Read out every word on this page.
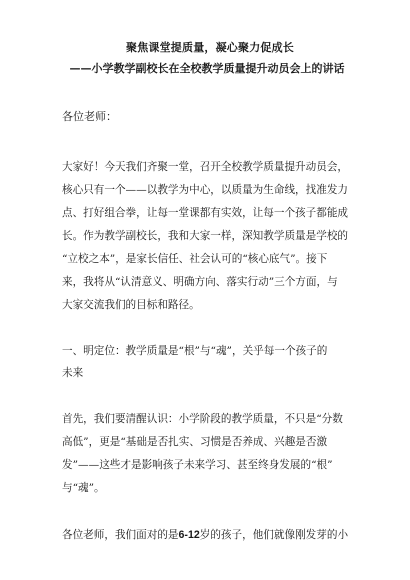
聚焦课堂提质量，凝心聚力促成长
——小学教学副校长在全校教学质量提升动员会上的讲话
各位老师：
大家好！今天我们齐聚一堂，召开全校教学质量提升动员会，
核心只有一个——以教学为中心，以质量为生命线，找准发力
点、打好组合拳，让每一堂课都有实效，让每一个孩子都能成
长。作为教学副校长，我和大家一样，深知教学质量是学校的
“立校之本”，是家长信任、社会认可的“核心底气”。接下
来，我将从“认清意义、明确方向、落实行动”三个方面，与
大家交流我们的目标和路径。
一、明定位：教学质量是“根”与“魂”，关乎每一个孩子的
未来
首先，我们要清醒认识：小学阶段的教学质量，不只是“分数
高低”，更是“基础是否扎实、习惯是否养成、兴趣是否激
发”——这些才是影响孩子未来学习、甚至终身发展的“根”
与“魂”。
各位老师，我们面对的是6-12岁的孩子，他们就像刚发芽的小
